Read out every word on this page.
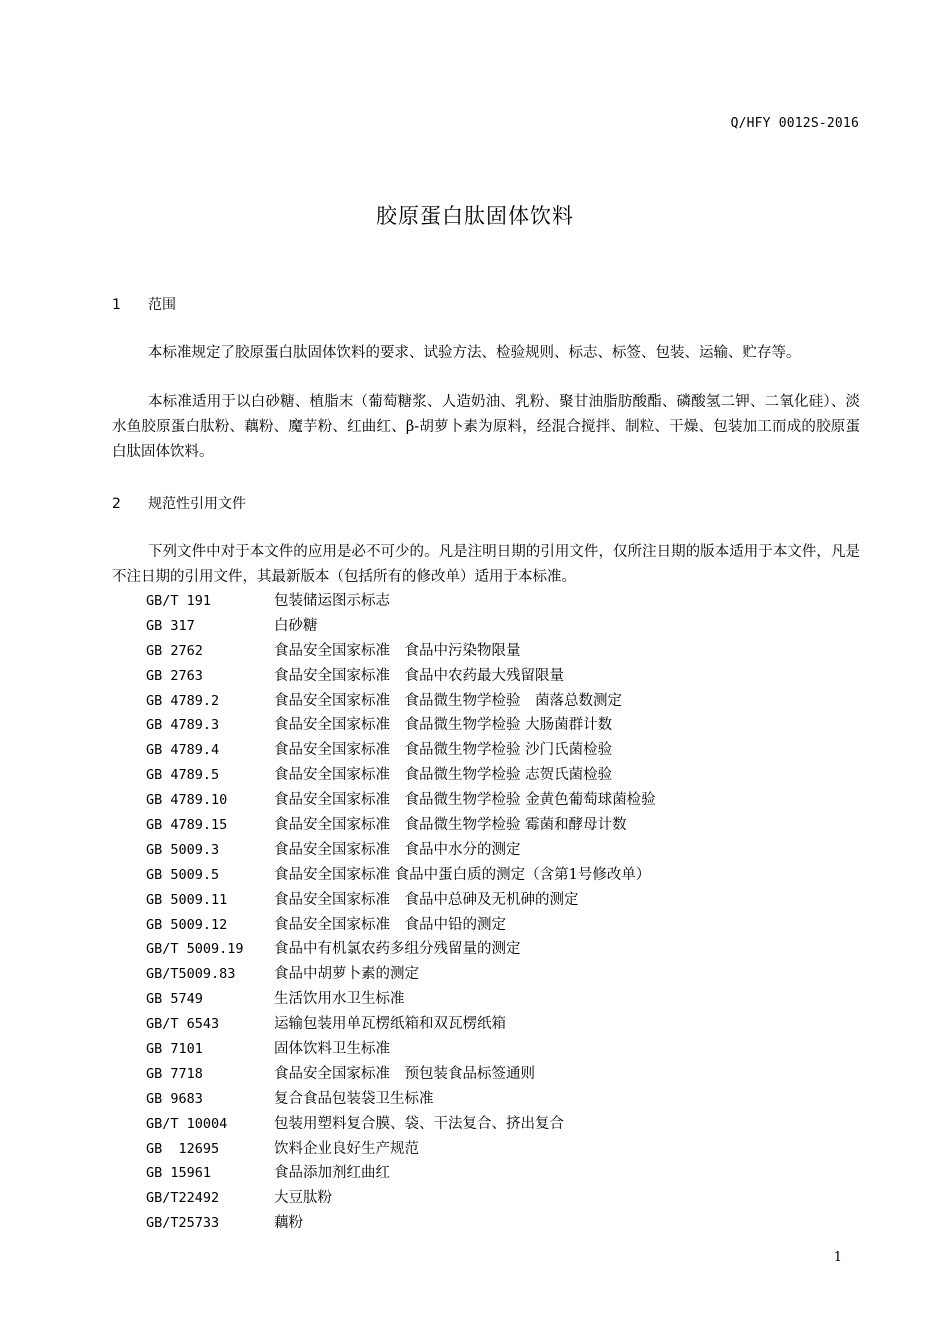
Q/HFY 0012S-2016
胶原蛋白肽固体饮料
1 范围

本标准规定了胶原蛋白肽固体饮料的要求、试验方法、检验规则、标志、标签、包装、运输、贮存等。

本标准适用于以白砂糖、植脂末（葡萄糖浆、人造奶油、乳粉、聚甘油脂肪酸酯、磷酸氢二钾、二氧化硅）、淡水鱼胶原蛋白肽粉、藕粉、魔芋粉、红曲红、β-胡萝卜素为原料，经混合搅拌、制粒、干燥、包装加工而成的胶原蛋白肽固体饮料。

2 规范性引用文件

下列文件中对于本文件的应用是必不可少的。凡是注明日期的引用文件，仅所注日期的版本适用于本文件，凡是不注日期的引用文件，其最新版本（包括所有的修改单）适用于本标准。

GB/T 191	包装储运图示标志
GB 317	白砂糖
GB 2762	食品安全国家标准　食品中污染物限量
GB 2763	食品安全国家标准　食品中农药最大残留限量
GB 4789.2	食品安全国家标准　食品微生物学检验　菌落总数测定
GB 4789.3	食品安全国家标准　食品微生物学检验 大肠菌群计数
GB 4789.4	食品安全国家标准　食品微生物学检验 沙门氏菌检验
GB 4789.5	食品安全国家标准　食品微生物学检验 志贺氏菌检验
GB 4789.10	食品安全国家标准　食品微生物学检验 金黄色葡萄球菌检验
GB 4789.15	食品安全国家标准　食品微生物学检验 霉菌和酵母计数
GB 5009.3	食品安全国家标准　食品中水分的测定
GB 5009.5	食品安全国家标准 食品中蛋白质的测定（含第1号修改单）
GB 5009.11	食品安全国家标准　食品中总砷及无机砷的测定
GB 5009.12	食品安全国家标准　食品中铅的测定
GB/T 5009.19 食品中有机氯农药多组分残留量的测定
GB/T5009.83	食品中胡萝卜素的测定
GB 5749	生活饮用水卫生标准
GB/T 6543	运输包装用单瓦楞纸箱和双瓦楞纸箱
GB 7101	固体饮料卫生标准
GB 7718	食品安全国家标准　预包装食品标签通则
GB 9683	复合食品包装袋卫生标准
GB/T 10004	包装用塑料复合膜、袋、干法复合、挤出复合
GB  12695	饮料企业良好生产规范
GB 15961	食品添加剂红曲红
GB/T22492	大豆肽粉
GB/T25733	藕粉
1
